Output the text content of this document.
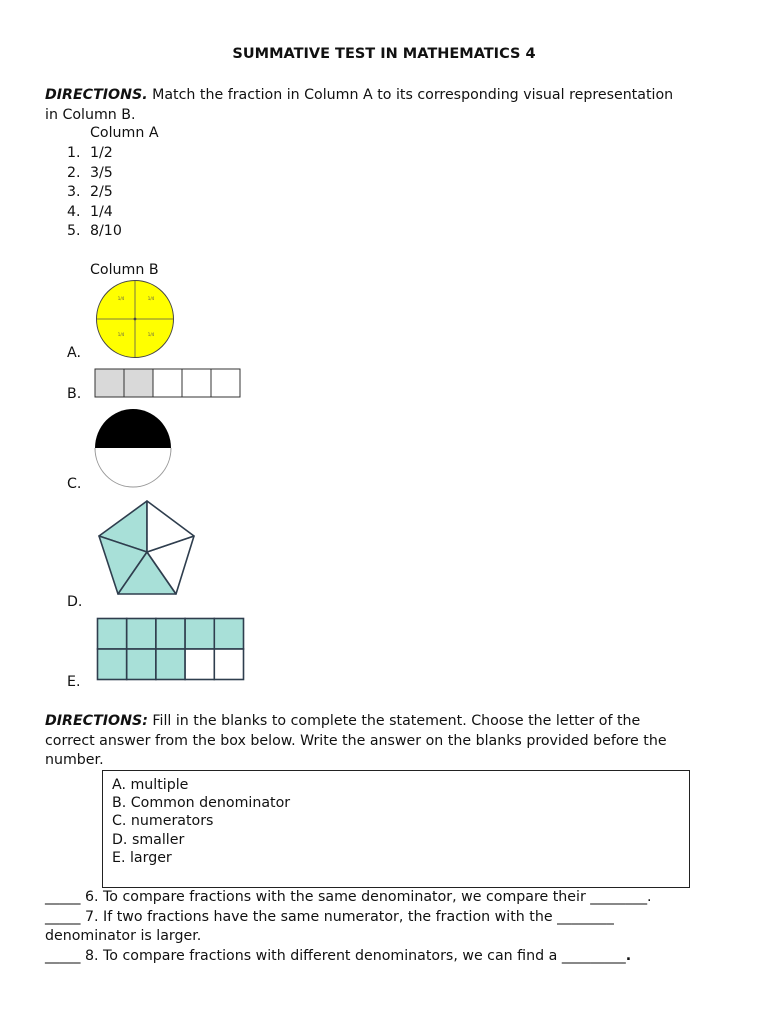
SUMMATIVE TEST IN MATHEMATICS 4
DIRECTIONS. Match the fraction in Column A to its corresponding visual representation
in Column B.
Column A
1. 1/2
2. 3/5
3. 2/5
4. 1/4
5. 8/10
Column B
1/4	1/4
1/4	1/4
A.
B.
C.
D.
E.
DIRECTIONS: Fill in the blanks to complete the statement. Choose the letter of the
correct answer from the box below. Write the answer on the blanks provided before the
number.
A. multiple
B. Common denominator
C. numerators
D. smaller
E. larger
_____ 6. To compare fractions with the same denominator, we compare their ________.
_____ 7. If two fractions have the same numerator, the fraction with the ________
denominator is larger.
_____ 8. To compare fractions with different denominators, we can find a _________.
